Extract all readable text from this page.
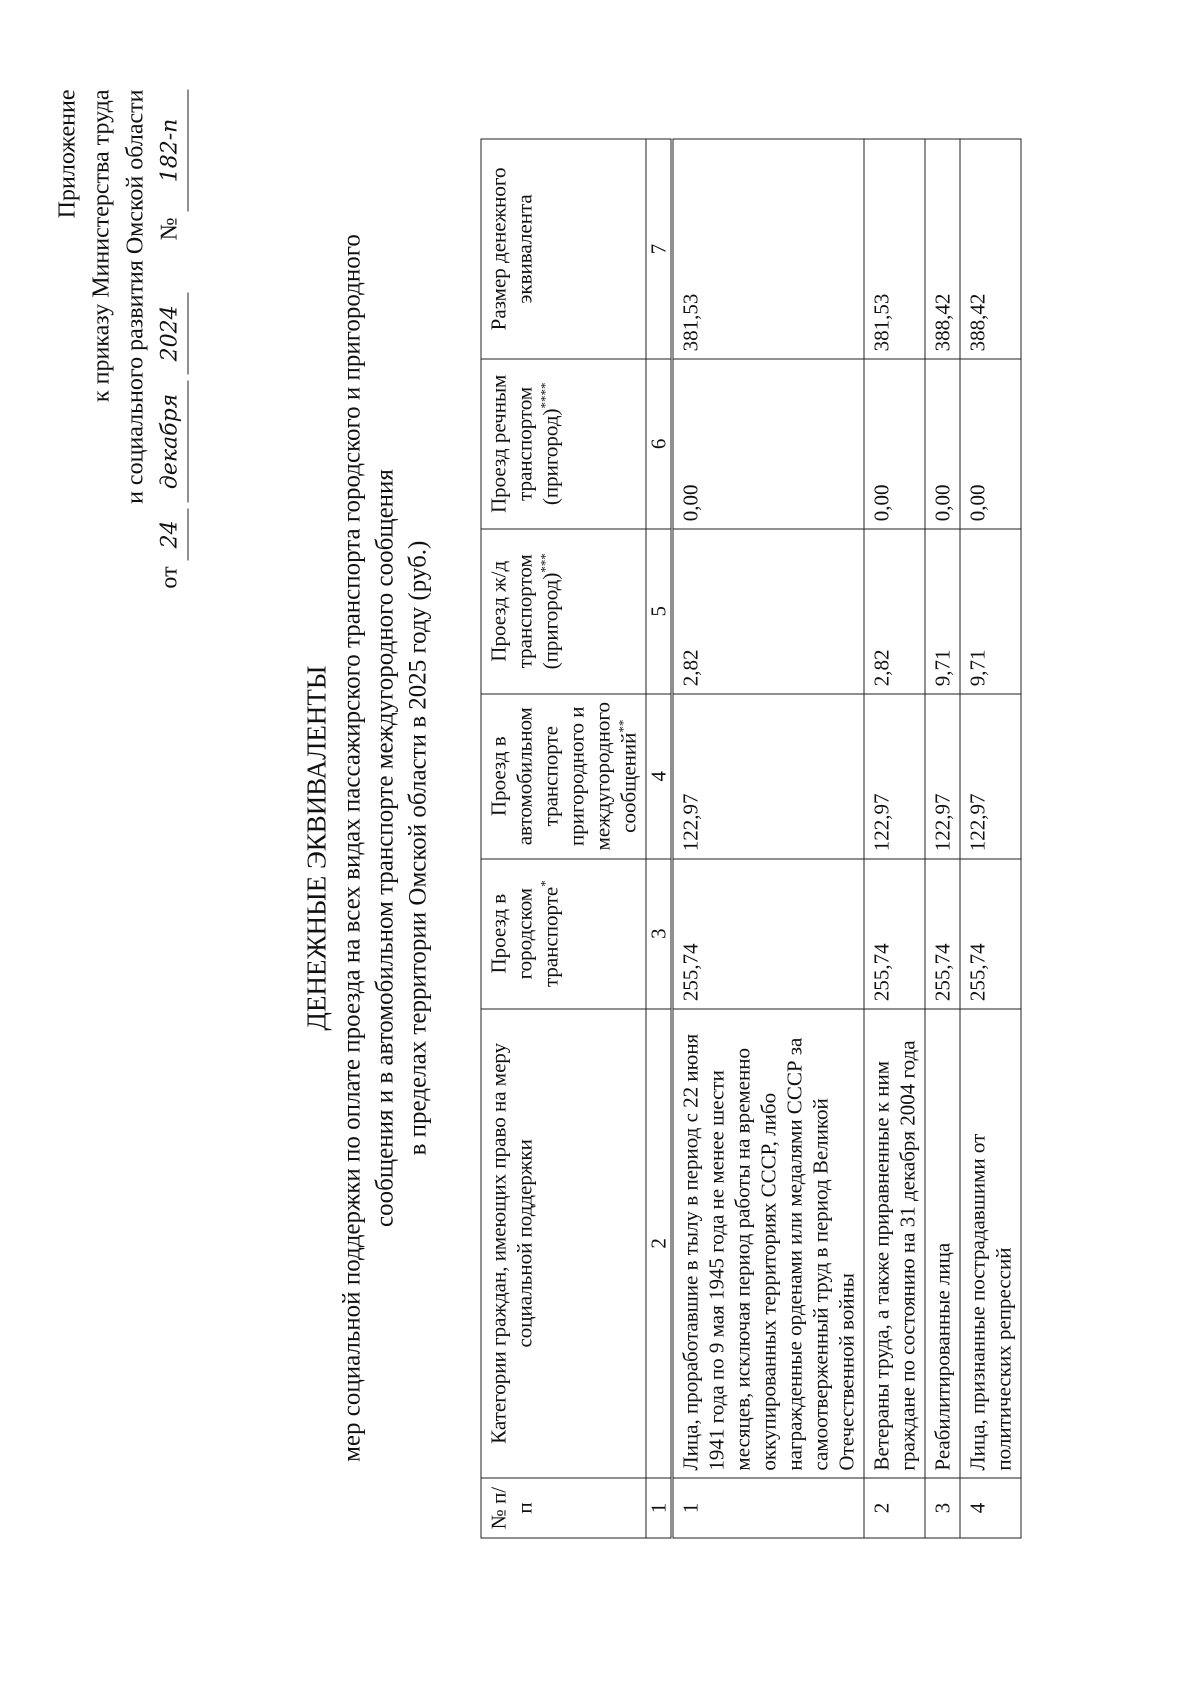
Приложение к приказу Министерства труда и социального развития Омской области
от 24 декабря 2024  № 182-п
ДЕНЕЖНЫЕ ЭКВИВАЛЕНТЫ мер социальной поддержки по оплате проезда на всех видах пассажирского транспорта городского и пригородного сообщения и в автомобильном транспорте междугородного сообщения в пределах территории Омской области в 2025 году (руб.)
№ п/п	Категории граждан, имеющих право на меру социальной поддержки	Проезд в городском транспорте*	Проезд в автомобильном транспорте пригородного и междугородного сообщений**	Проезд ж/д транспортом (пригород)***	Проезд речным транспортом (пригород)****	Размер денежного эквивалента
1	2	3	4	5	6	7
1	Лица, проработавшие в тылу в период с 22 июня 1941 года по 9 мая 1945 года не менее шести месяцев, исключая период работы на временно оккупированных территориях СССР, либо награжденные орденами или медалями СССР за самоотверженный труд в период Великой Отечественной войны	255,74	122,97	2,82	0,00	381,53
2	Ветераны труда, а также приравненные к ним граждане по состоянию на 31 декабря 2004 года	255,74	122,97	2,82	0,00	381,53
3	Реабилитированные лица	255,74	122,97	9,71	0,00	388,42
4	Лица, признанные пострадавшими от политических репрессий	255,74	122,97	9,71	0,00	388,42
